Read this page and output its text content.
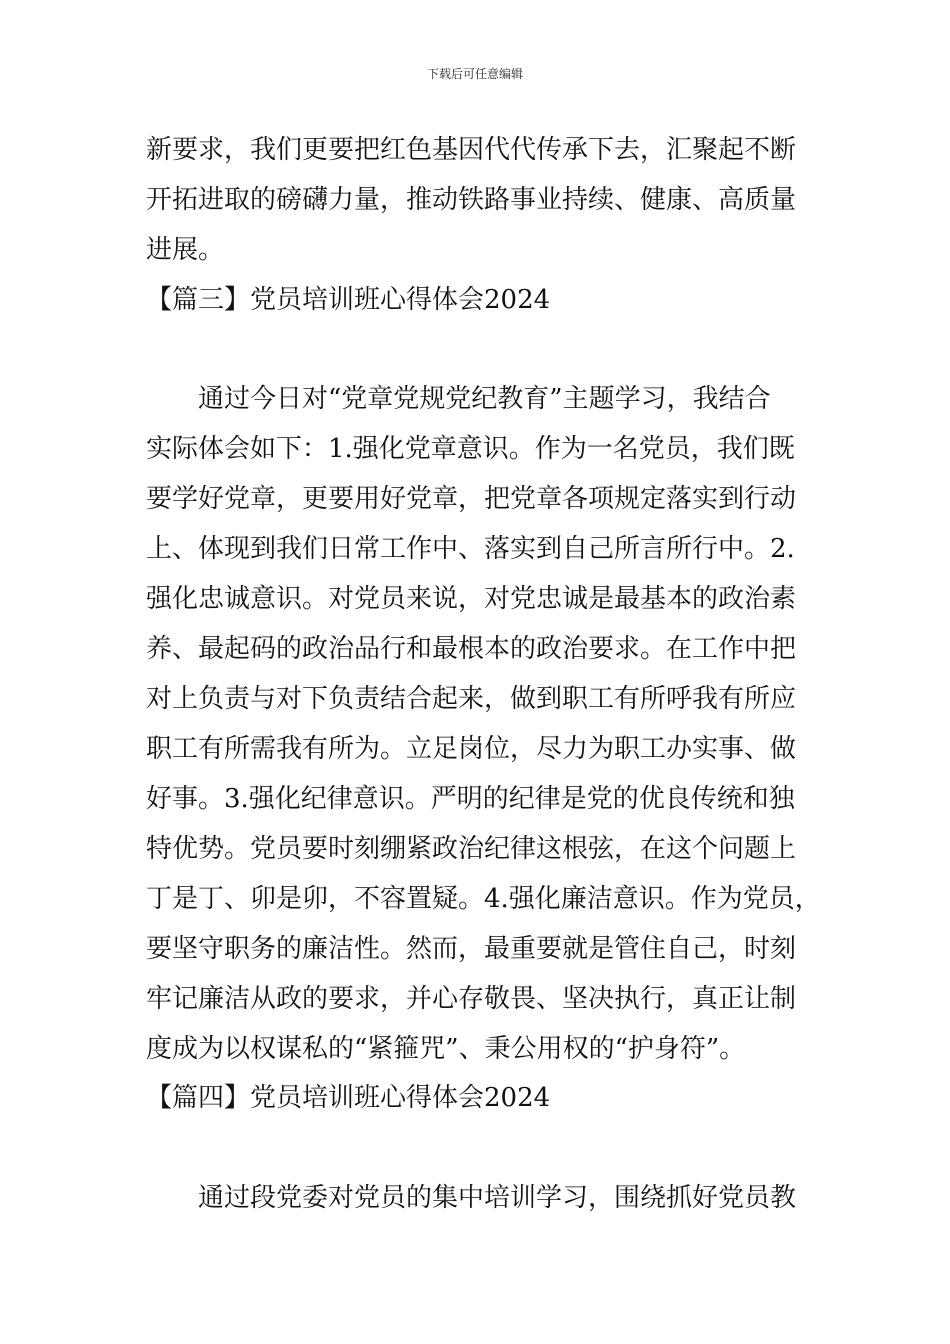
下载后可任意编辑
新要求，我们更要把红色基因代代传承下去，汇聚起不断
开拓进取的磅礴力量，推动铁路事业持续、健康、高质量
进展。
【篇三】党员培训班心得体会2024
通过今日对“党章党规党纪教育”主题学习，我结合
实际体会如下：1.强化党章意识。作为一名党员，我们既
要学好党章，更要用好党章，把党章各项规定落实到行动
上、体现到我们日常工作中、落实到自己所言所行中。2.
强化忠诚意识。对党员来说，对党忠诚是最基本的政治素
养、最起码的政治品行和最根本的政治要求。在工作中把
对上负责与对下负责结合起来，做到职工有所呼我有所应
职工有所需我有所为。立足岗位，尽力为职工办实事、做
好事。3.强化纪律意识。严明的纪律是党的优良传统和独
特优势。党员要时刻绷紧政治纪律这根弦，在这个问题上
丁是丁、卯是卯，不容置疑。4.强化廉洁意识。作为党员，
要坚守职务的廉洁性。然而，最重要就是管住自己，时刻
牢记廉洁从政的要求，并心存敬畏、坚决执行，真正让制
度成为以权谋私的“紧箍咒”、秉公用权的“护身符”。
【篇四】党员培训班心得体会2024
通过段党委对党员的集中培训学习，围绕抓好党员教
